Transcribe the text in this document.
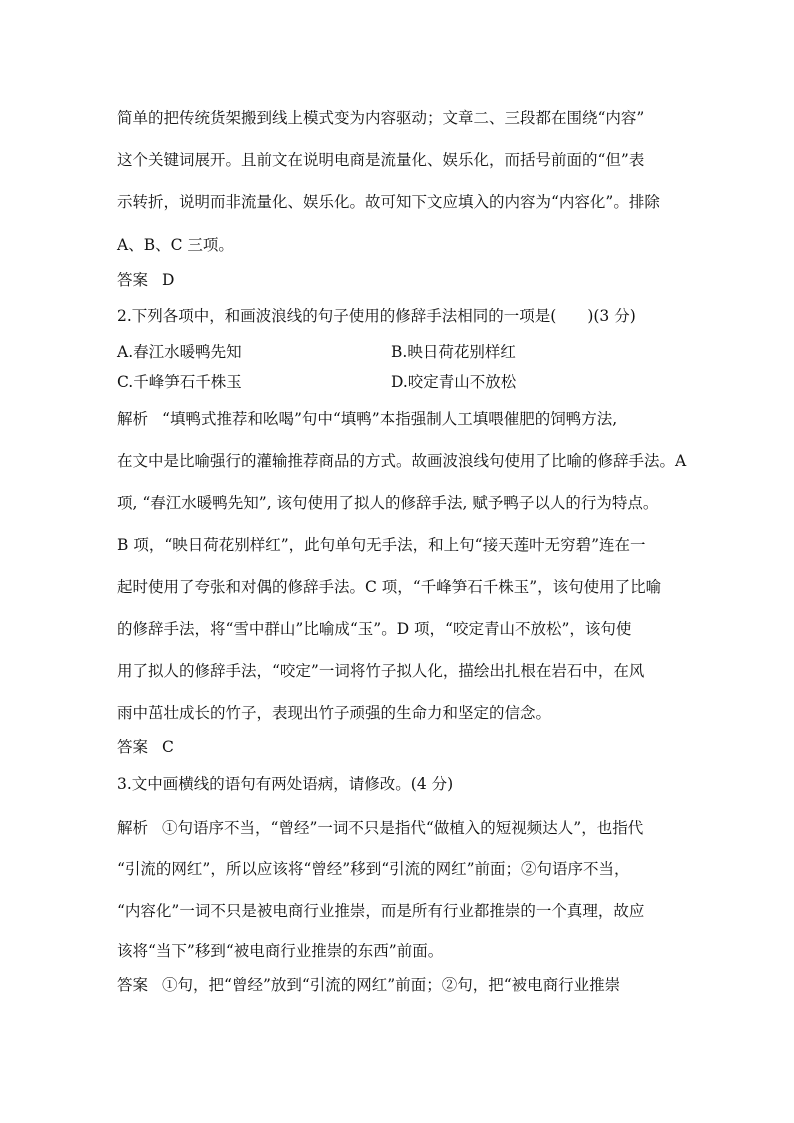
简单的把传统货架搬到线上模式变为内容驱动；文章二、三段都在围绕“内容”
这个关键词展开。且前文在说明电商是流量化、娱乐化，而括号前面的“但”表
示转折，说明而非流量化、娱乐化。故可知下文应填入的内容为“内容化”。排除
A、B、C 三项。
答案 D
2.下列各项中，和画波浪线的句子使用的修辞手法相同的一项是(　　)(3 分)
A.春江水暖鸭先知	B.映日荷花别样红
C.千峰笋石千株玉	D.咬定青山不放松
解析 “填鸭式推荐和吆喝”句中“填鸭”本指强制人工填喂催肥的饲鸭方法,
在文中是比喻强行的灌输推荐商品的方式。故画波浪线句使用了比喻的修辞手法。A
项, “春江水暖鸭先知”, 该句使用了拟人的修辞手法, 赋予鸭子以人的行为特点。
B 项，“映日荷花别样红”，此句单句无手法，和上句“接天莲叶无穷碧”连在一
起时使用了夸张和对偶的修辞手法。C 项，“千峰笋石千株玉”，该句使用了比喻
的修辞手法，将“雪中群山”比喻成“玉”。D 项，“咬定青山不放松”，该句使
用了拟人的修辞手法，“咬定”一词将竹子拟人化，描绘出扎根在岩石中，在风
雨中茁壮成长的竹子，表现出竹子顽强的生命力和坚定的信念。
答案 C
3.文中画横线的语句有两处语病，请修改。(4 分)
解析 ①句语序不当，“曾经”一词不只是指代“做植入的短视频达人”，也指代
“引流的网红”，所以应该将“曾经”移到“引流的网红”前面；②句语序不当，
“内容化”一词不只是被电商行业推崇，而是所有行业都推崇的一个真理，故应
该将“当下”移到“被电商行业推崇的东西”前面。
答案 ①句，把“曾经”放到“引流的网红”前面；②句，把“被电商行业推崇
